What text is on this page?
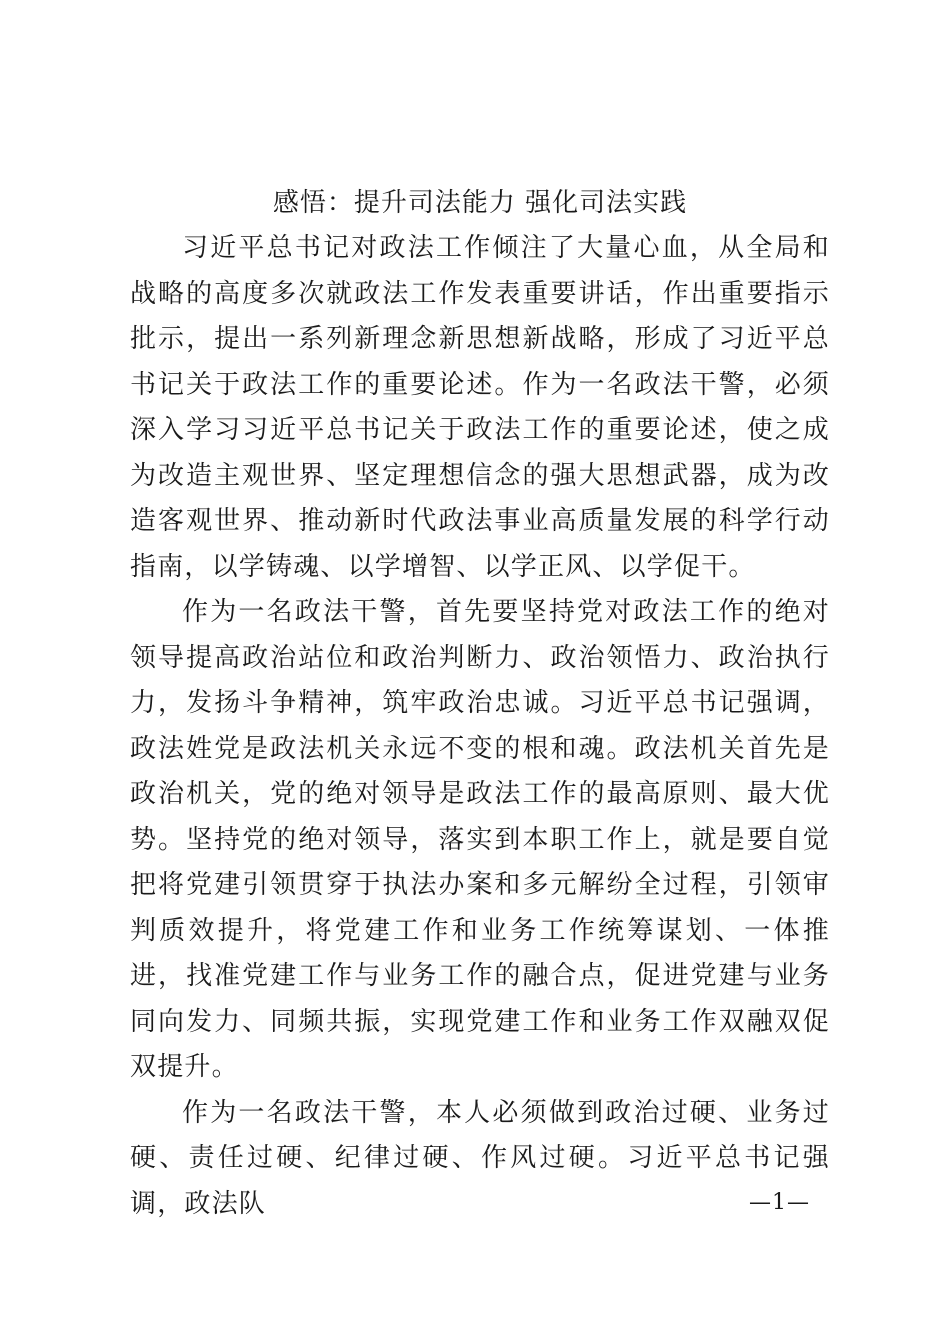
感悟：提升司法能力 强化司法实践

习近平总书记对政法工作倾注了大量心血，从全局和战略的高度多次就政法工作发表重要讲话，作出重要指示批示，提出一系列新理念新思想新战略，形成了习近平总书记关于政法工作的重要论述。作为一名政法干警，必须深入学习习近平总书记关于政法工作的重要论述，使之成为改造主观世界、坚定理想信念的强大思想武器，成为改造客观世界、推动新时代政法事业高质量发展的科学行动指南，以学铸魂、以学增智、以学正风、以学促干。

作为一名政法干警，首先要坚持党对政法工作的绝对领导提高政治站位和政治判断力、政治领悟力、政治执行力，发扬斗争精神，筑牢政治忠诚。习近平总书记强调，政法姓党是政法机关永远不变的根和魂。政法机关首先是政治机关，党的绝对领导是政法工作的最高原则、最大优势。坚持党的绝对领导，落实到本职工作上，就是要自觉把将党建引领贯穿于执法办案和多元解纷全过程，引领审判质效提升，将党建工作和业务工作统筹谋划、一体推进，找准党建工作与业务工作的融合点，促进党建与业务同向发力、同频共振，实现党建工作和业务工作双融双促双提升。

作为一名政法干警，本人必须做到政治过硬、业务过硬、责任过硬、纪律过硬、作风过硬。习近平总书记强调，政法队	—1—
